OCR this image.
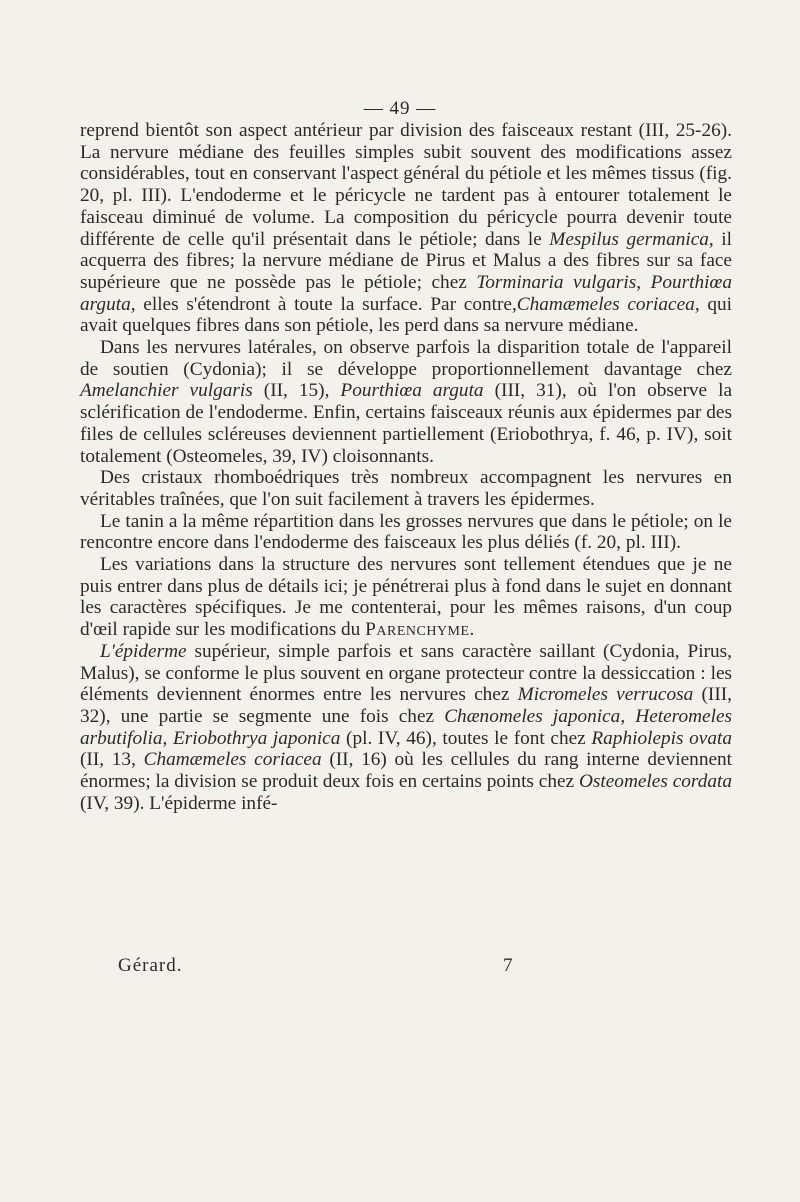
— 49 —

reprend bientôt son aspect antérieur par division des faisceaux restant (III, 25-26). La nervure médiane des feuilles simples subit souvent des modifications assez considérables, tout en conservant l'aspect général du pétiole et les mêmes tissus (fig. 20, pl. III). L'endoderme et le péricycle ne tardent pas à entourer totalement le faisceau diminué de volume. La composition du péricycle pourra devenir toute différente de celle qu'il présentait dans le pétiole; dans le Mespilus germanica, il acquerra des fibres; la nervure médiane de Pirus et Malus a des fibres sur sa face supérieure que ne possède pas le pétiole; chez Torminaria vulgaris, Pourthiœa arguta, elles s'étendront à toute la surface. Par contre,Chamæmeles coriacea, qui avait quelques fibres dans son pétiole, les perd dans sa nervure médiane.

Dans les nervures latérales, on observe parfois la disparition totale de l'appareil de soutien (Cydonia); il se développe proportionnellement davantage chez Amelanchier vulgaris (II, 15), Pourthiœa arguta (III, 31), où l'on observe la sclérification de l'endoderme. Enfin, certains faisceaux réunis aux épidermes par des files de cellules scléreuses deviennent partiellement (Eriobothrya, f. 46, p. IV), soit totalement (Osteomeles, 39, IV) cloisonnants.

Des cristaux rhomboédriques très nombreux accompagnent les nervures en véritables traînées, que l'on suit facilement à travers les épidermes.

Le tanin a la même répartition dans les grosses nervures que dans le pétiole; on le rencontre encore dans l'endoderme des faisceaux les plus déliés (f. 20, pl. III).

Les variations dans la structure des nervures sont tellement étendues que je ne puis entrer dans plus de détails ici; je pénétrerai plus à fond dans le sujet en donnant les caractères spécifiques. Je me contenterai, pour les mêmes raisons, d'un coup d'œil rapide sur les modifications du Parenchyme.

L'épiderme supérieur, simple parfois et sans caractère saillant (Cydonia, Pirus, Malus), se conforme le plus souvent en organe protecteur contre la dessiccation : les éléments deviennent énormes entre les nervures chez Micromeles verrucosa (III, 32), une partie se segmente une fois chez Chænomeles japonica, Heteromeles arbutifolia, Eriobothrya japonica (pl. IV, 46), toutes le font chez Raphiolepis ovata (II, 13, Chamæmeles coriacea (II, 16) où les cellules du rang interne deviennent énormes; la division se produit deux fois en certains points chez Osteomeles cordata (IV, 39). L'épiderme infé-

Gérard.	7
